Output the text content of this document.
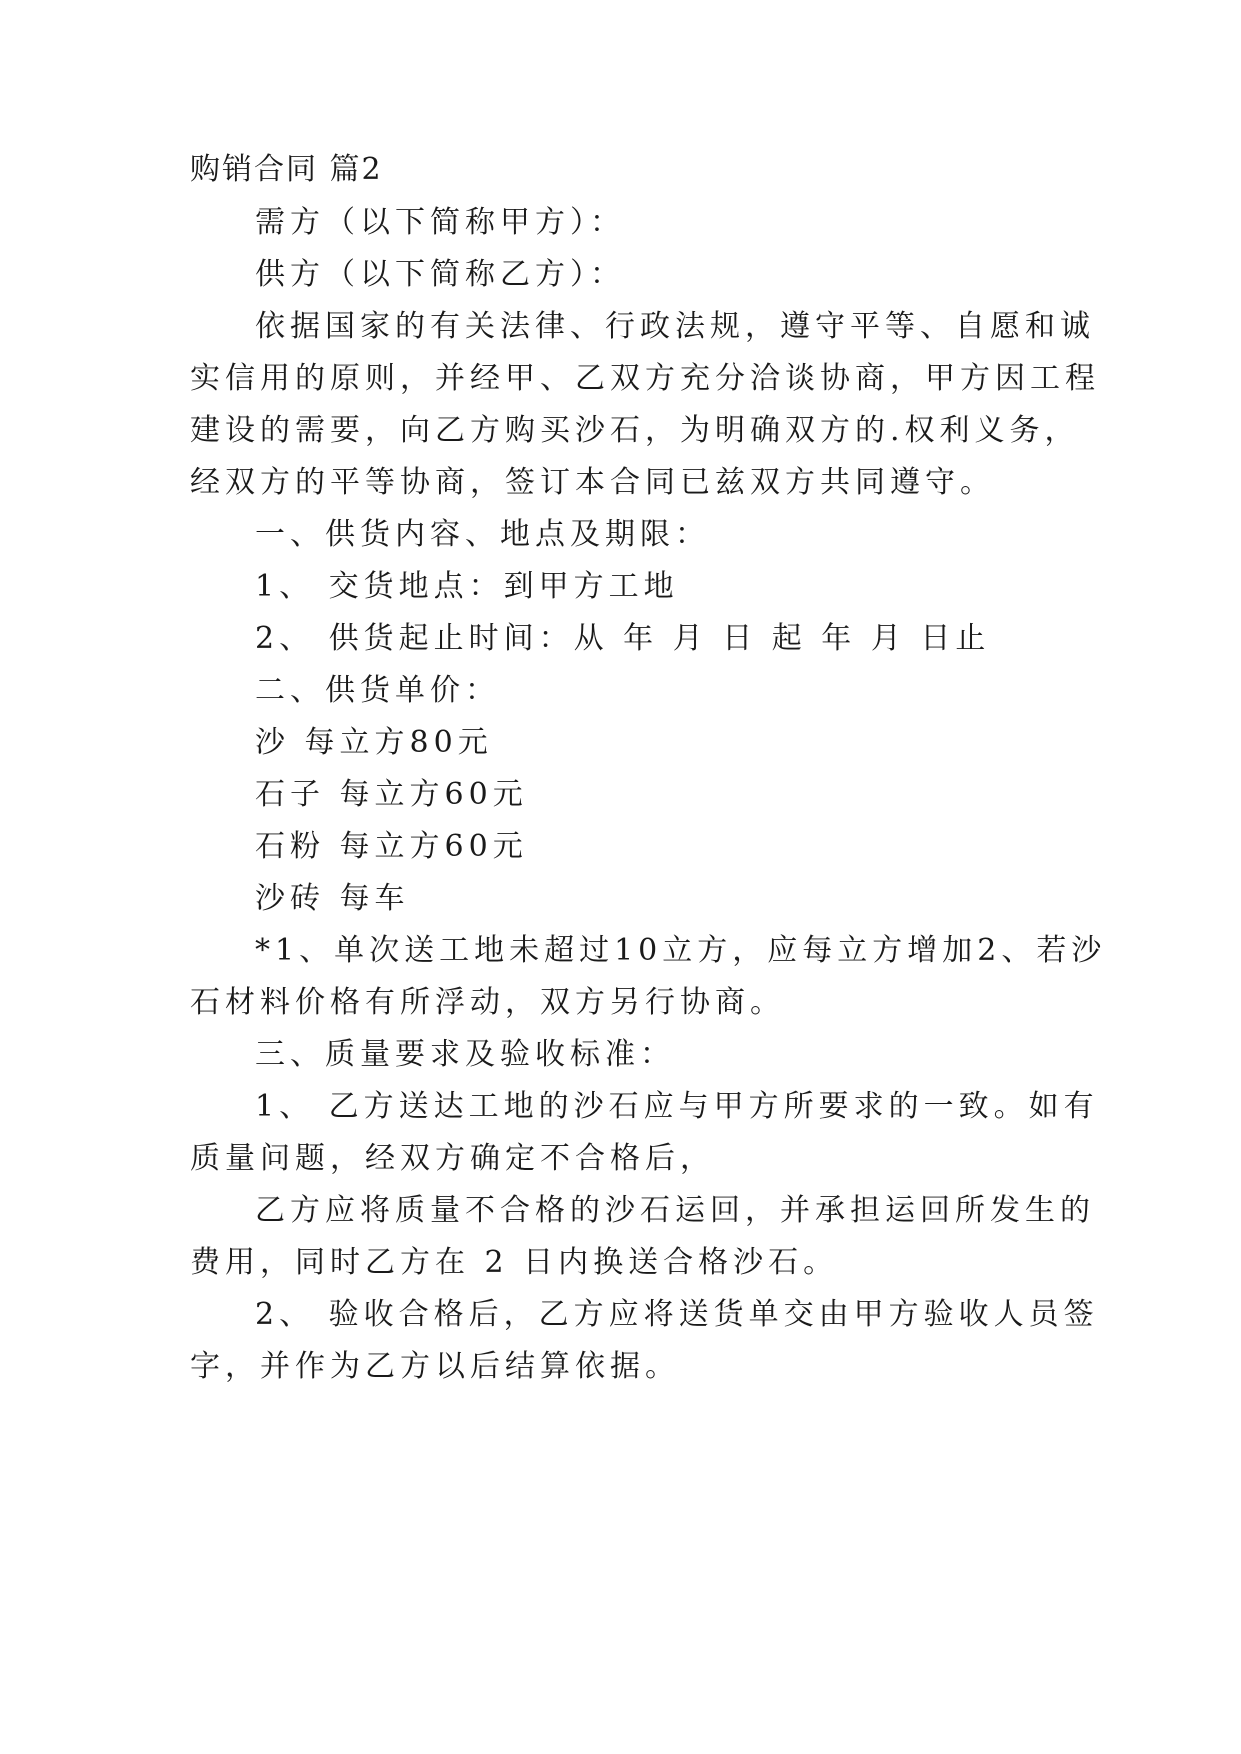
购销合同 篇2
需方（以下简称甲方）：
供方（以下简称乙方）：
依据国家的有关法律、行政法规，遵守平等、自愿和诚
实信用的原则，并经甲、乙双方充分洽谈协商，甲方因工程
建设的需要，向乙方购买沙石，为明确双方的.权利义务，
经双方的平等协商，签订本合同已兹双方共同遵守。
一、供货内容、地点及期限：
1、 交货地点：到甲方工地
2、 供货起止时间：从 年 月 日 起 年 月 日止
二、供货单价：
沙 每立方80元
石子 每立方60元
石粉 每立方60元
沙砖 每车
*1、单次送工地未超过10立方，应每立方增加2、若沙
石材料价格有所浮动，双方另行协商。
三、质量要求及验收标准：
1、 乙方送达工地的沙石应与甲方所要求的一致。如有
质量问题，经双方确定不合格后，
乙方应将质量不合格的沙石运回，并承担运回所发生的
费用，同时乙方在 2 日内换送合格沙石。
2、 验收合格后，乙方应将送货单交由甲方验收人员签
字，并作为乙方以后结算依据。
